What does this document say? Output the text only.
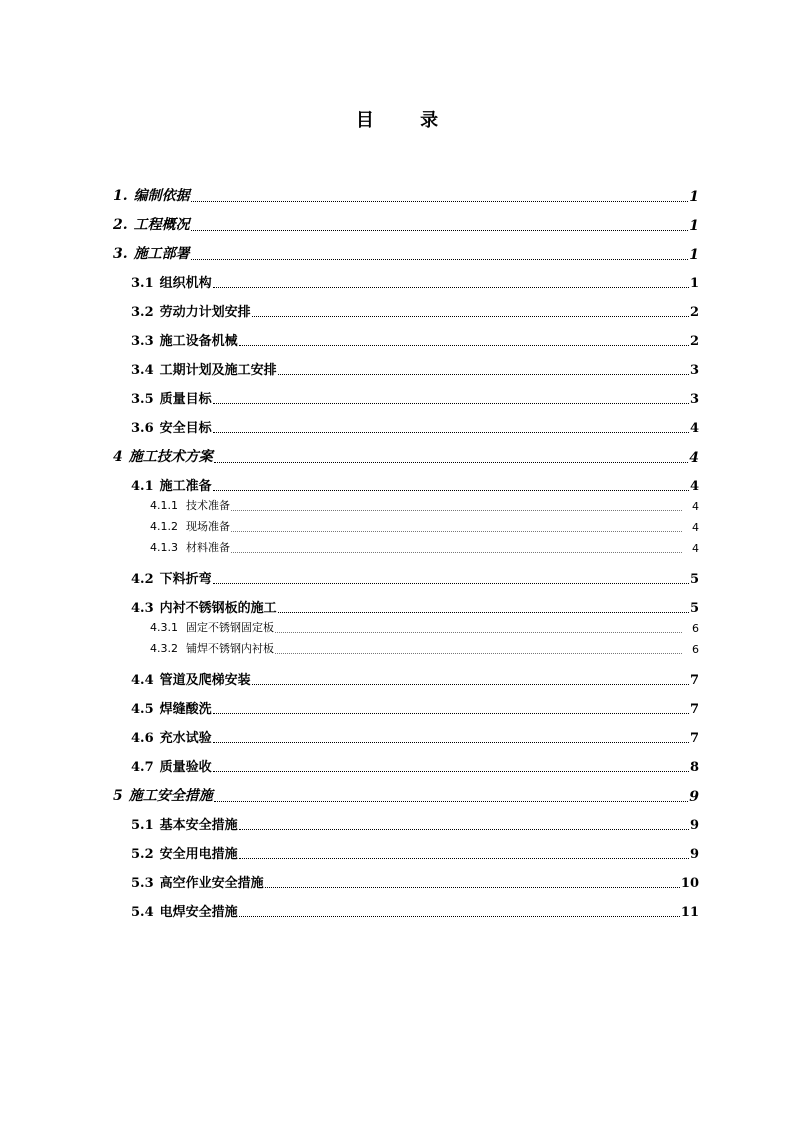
目 录
1. 编制依据	1
2. 工程概况	1
3. 施工部署	1
3.1 组织机构	1
3.2 劳动力计划安排	2
3.3 施工设备机械	2
3.4 工期计划及施工安排	3
3.5 质量目标	3
3.6 安全目标	4
4 施工技术方案	4
4.1 施工准备	4
4.1.1 技术准备	4
4.1.2 现场准备	4
4.1.3 材料准备	4
4.2 下料折弯	5
4.3 内衬不锈钢板的施工	5
4.3.1 固定不锈钢固定板	6
4.3.2 铺焊不锈钢内衬板	6
4.4 管道及爬梯安装	7
4.5 焊缝酸洗	7
4.6 充水试验	7
4.7 质量验收	8
5 施工安全措施	9
5.1 基本安全措施	9
5.2 安全用电措施	9
5.3 高空作业安全措施	10
5.4 电焊安全措施	11
